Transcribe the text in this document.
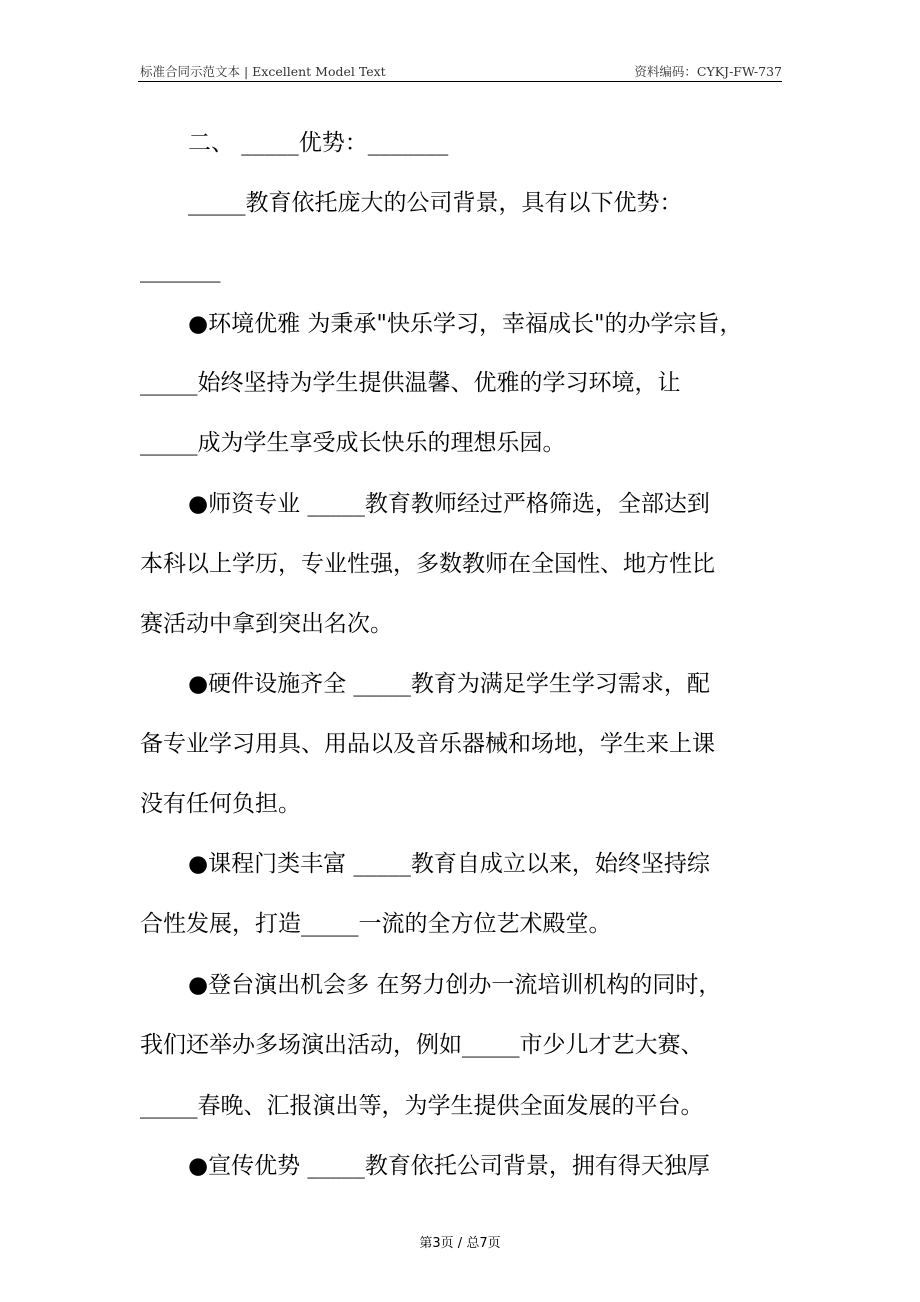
标准合同示范文本 | Excellent Model Text	资料编码：CYKJ-FW-737
二、 _____优势：_______
_____教育依托庞大的公司背景，具有以下优势：
_______
●环境优雅 为秉承"快乐学习，幸福成长"的办学宗旨，
_____始终坚持为学生提供温馨、优雅的学习环境，让
_____成为学生享受成长快乐的理想乐园。
●师资专业 _____教育教师经过严格筛选，全部达到
本科以上学历，专业性强，多数教师在全国性、地方性比
赛活动中拿到突出名次。
●硬件设施齐全 _____教育为满足学生学习需求，配
备专业学习用具、用品以及音乐器械和场地，学生来上课
没有任何负担。
●课程门类丰富 _____教育自成立以来，始终坚持综
合性发展，打造_____一流的全方位艺术殿堂。
●登台演出机会多 在努力创办一流培训机构的同时，
我们还举办多场演出活动，例如_____市少儿才艺大赛、
_____春晚、汇报演出等，为学生提供全面发展的平台。
●宣传优势 _____教育依托公司背景，拥有得天独厚
第3页 / 总7页
